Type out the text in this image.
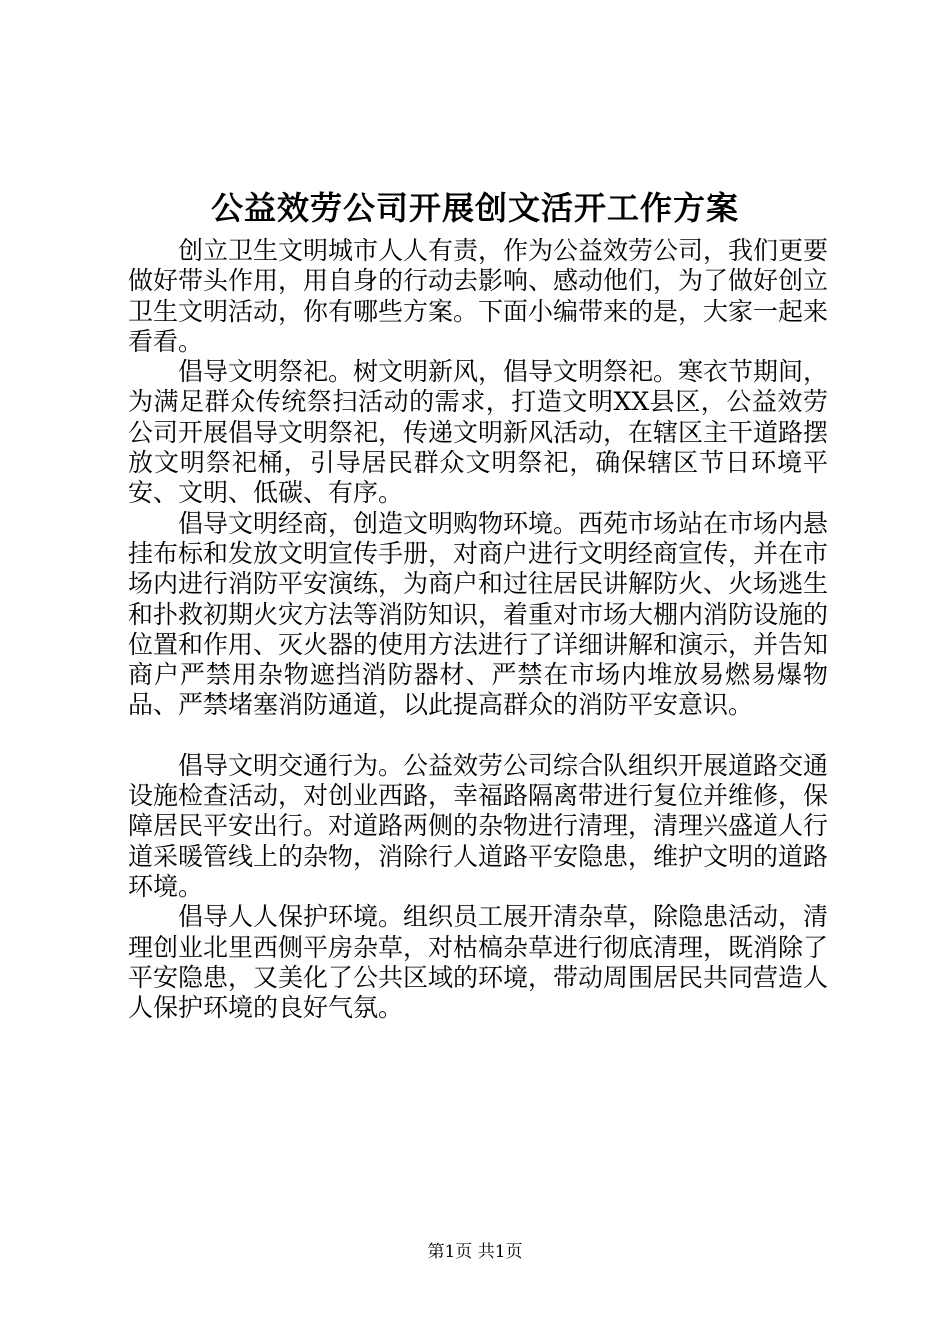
公益效劳公司开展创文活开工作方案

创立卫生文明城市人人有责，作为公益效劳公司，我们更要做好带头作用，用自身的行动去影响、感动他们，为了做好创立卫生文明活动，你有哪些方案。下面小编带来的是，大家一起来看看。

倡导文明祭祀。树文明新风，倡导文明祭祀。寒衣节期间，为满足群众传统祭扫活动的需求，打造文明XX县区，公益效劳公司开展倡导文明祭祀，传递文明新风活动，在辖区主干道路摆放文明祭祀桶，引导居民群众文明祭祀，确保辖区节日环境平安、文明、低碳、有序。

倡导文明经商，创造文明购物环境。西苑市场站在市场内悬挂布标和发放文明宣传手册，对商户进行文明经商宣传，并在市场内进行消防平安演练，为商户和过往居民讲解防火、火场逃生和扑救初期火灾方法等消防知识，着重对市场大棚内消防设施的位置和作用、灭火器的使用方法进行了详细讲解和演示，并告知商户严禁用杂物遮挡消防器材、严禁在市场内堆放易燃易爆物品、严禁堵塞消防通道，以此提高群众的消防平安意识。

倡导文明交通行为。公益效劳公司综合队组织开展道路交通设施检查活动，对创业西路，幸福路隔离带进行复位并维修，保障居民平安出行。对道路两侧的杂物进行清理，清理兴盛道人行道采暖管线上的杂物，消除行人道路平安隐患，维护文明的道路环境。

倡导人人保护环境。组织员工展开清杂草，除隐患活动，清理创业北里西侧平房杂草，对枯槁杂草进行彻底清理，既消除了平安隐患，又美化了公共区域的环境，带动周围居民共同营造人人保护环境的良好气氛。

第1页 共1页
